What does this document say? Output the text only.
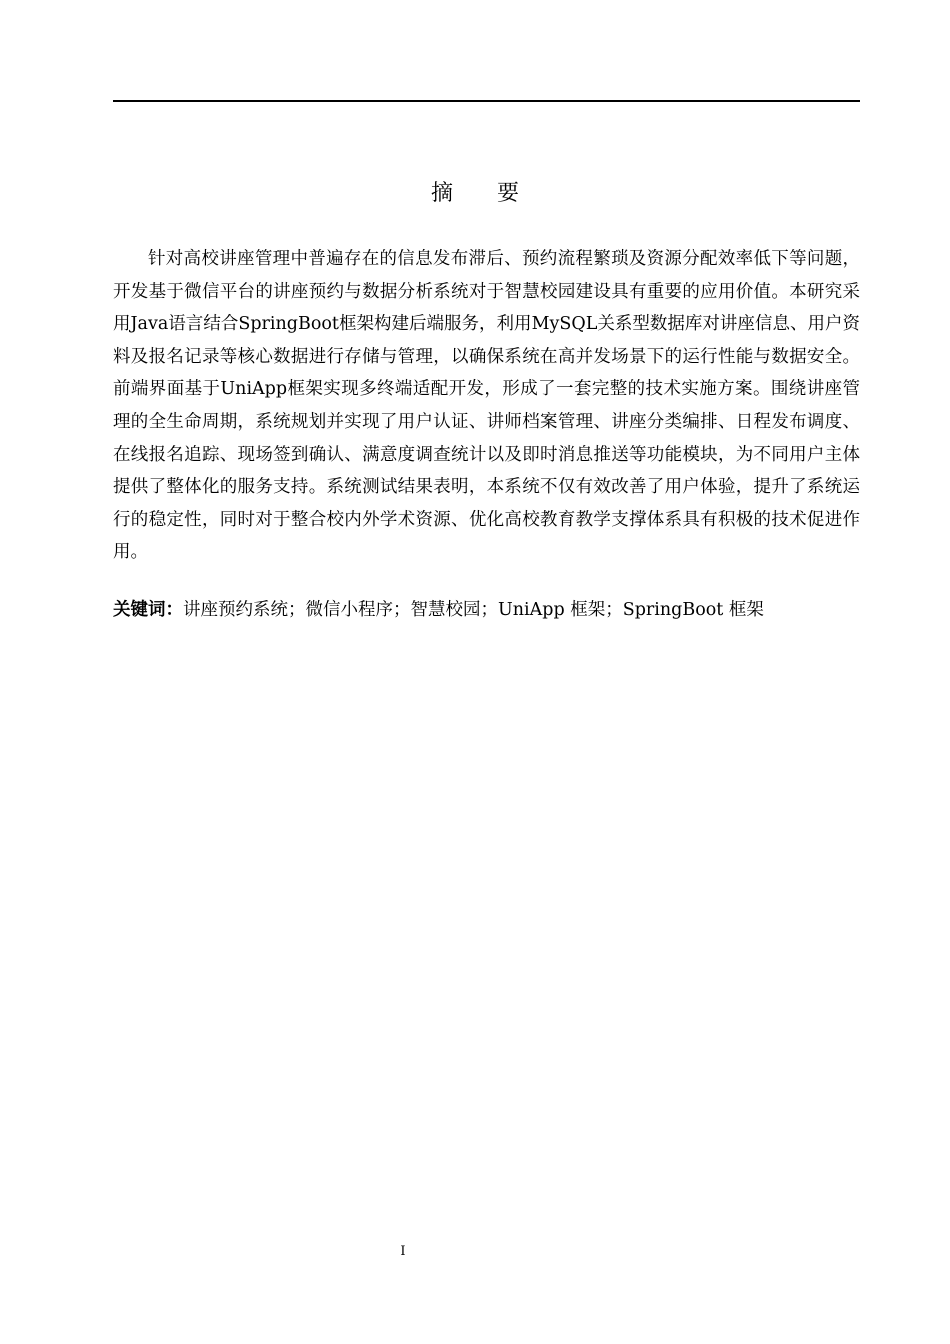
摘 要

针对高校讲座管理中普遍存在的信息发布滞后、预约流程繁琐及资源分配效率低下等问题，开发基于微信平台的讲座预约与数据分析系统对于智慧校园建设具有重要的应用价值。本研究采用Java语言结合SpringBoot框架构建后端服务，利用MySQL关系型数据库对讲座信息、用户资料及报名记录等核心数据进行存储与管理，以确保系统在高并发场景下的运行性能与数据安全。前端界面基于UniApp框架实现多终端适配开发，形成了一套完整的技术实施方案。围绕讲座管理的全生命周期，系统规划并实现了用户认证、讲师档案管理、讲座分类编排、日程发布调度、在线报名追踪、现场签到确认、满意度调查统计以及即时消息推送等功能模块，为不同用户主体提供了整体化的服务支持。系统测试结果表明，本系统不仅有效改善了用户体验，提升了系统运行的稳定性，同时对于整合校内外学术资源、优化高校教育教学支撑体系具有积极的技术促进作用。

关键词：讲座预约系统；微信小程序；智慧校园；UniApp 框架；SpringBoot 框架

I
